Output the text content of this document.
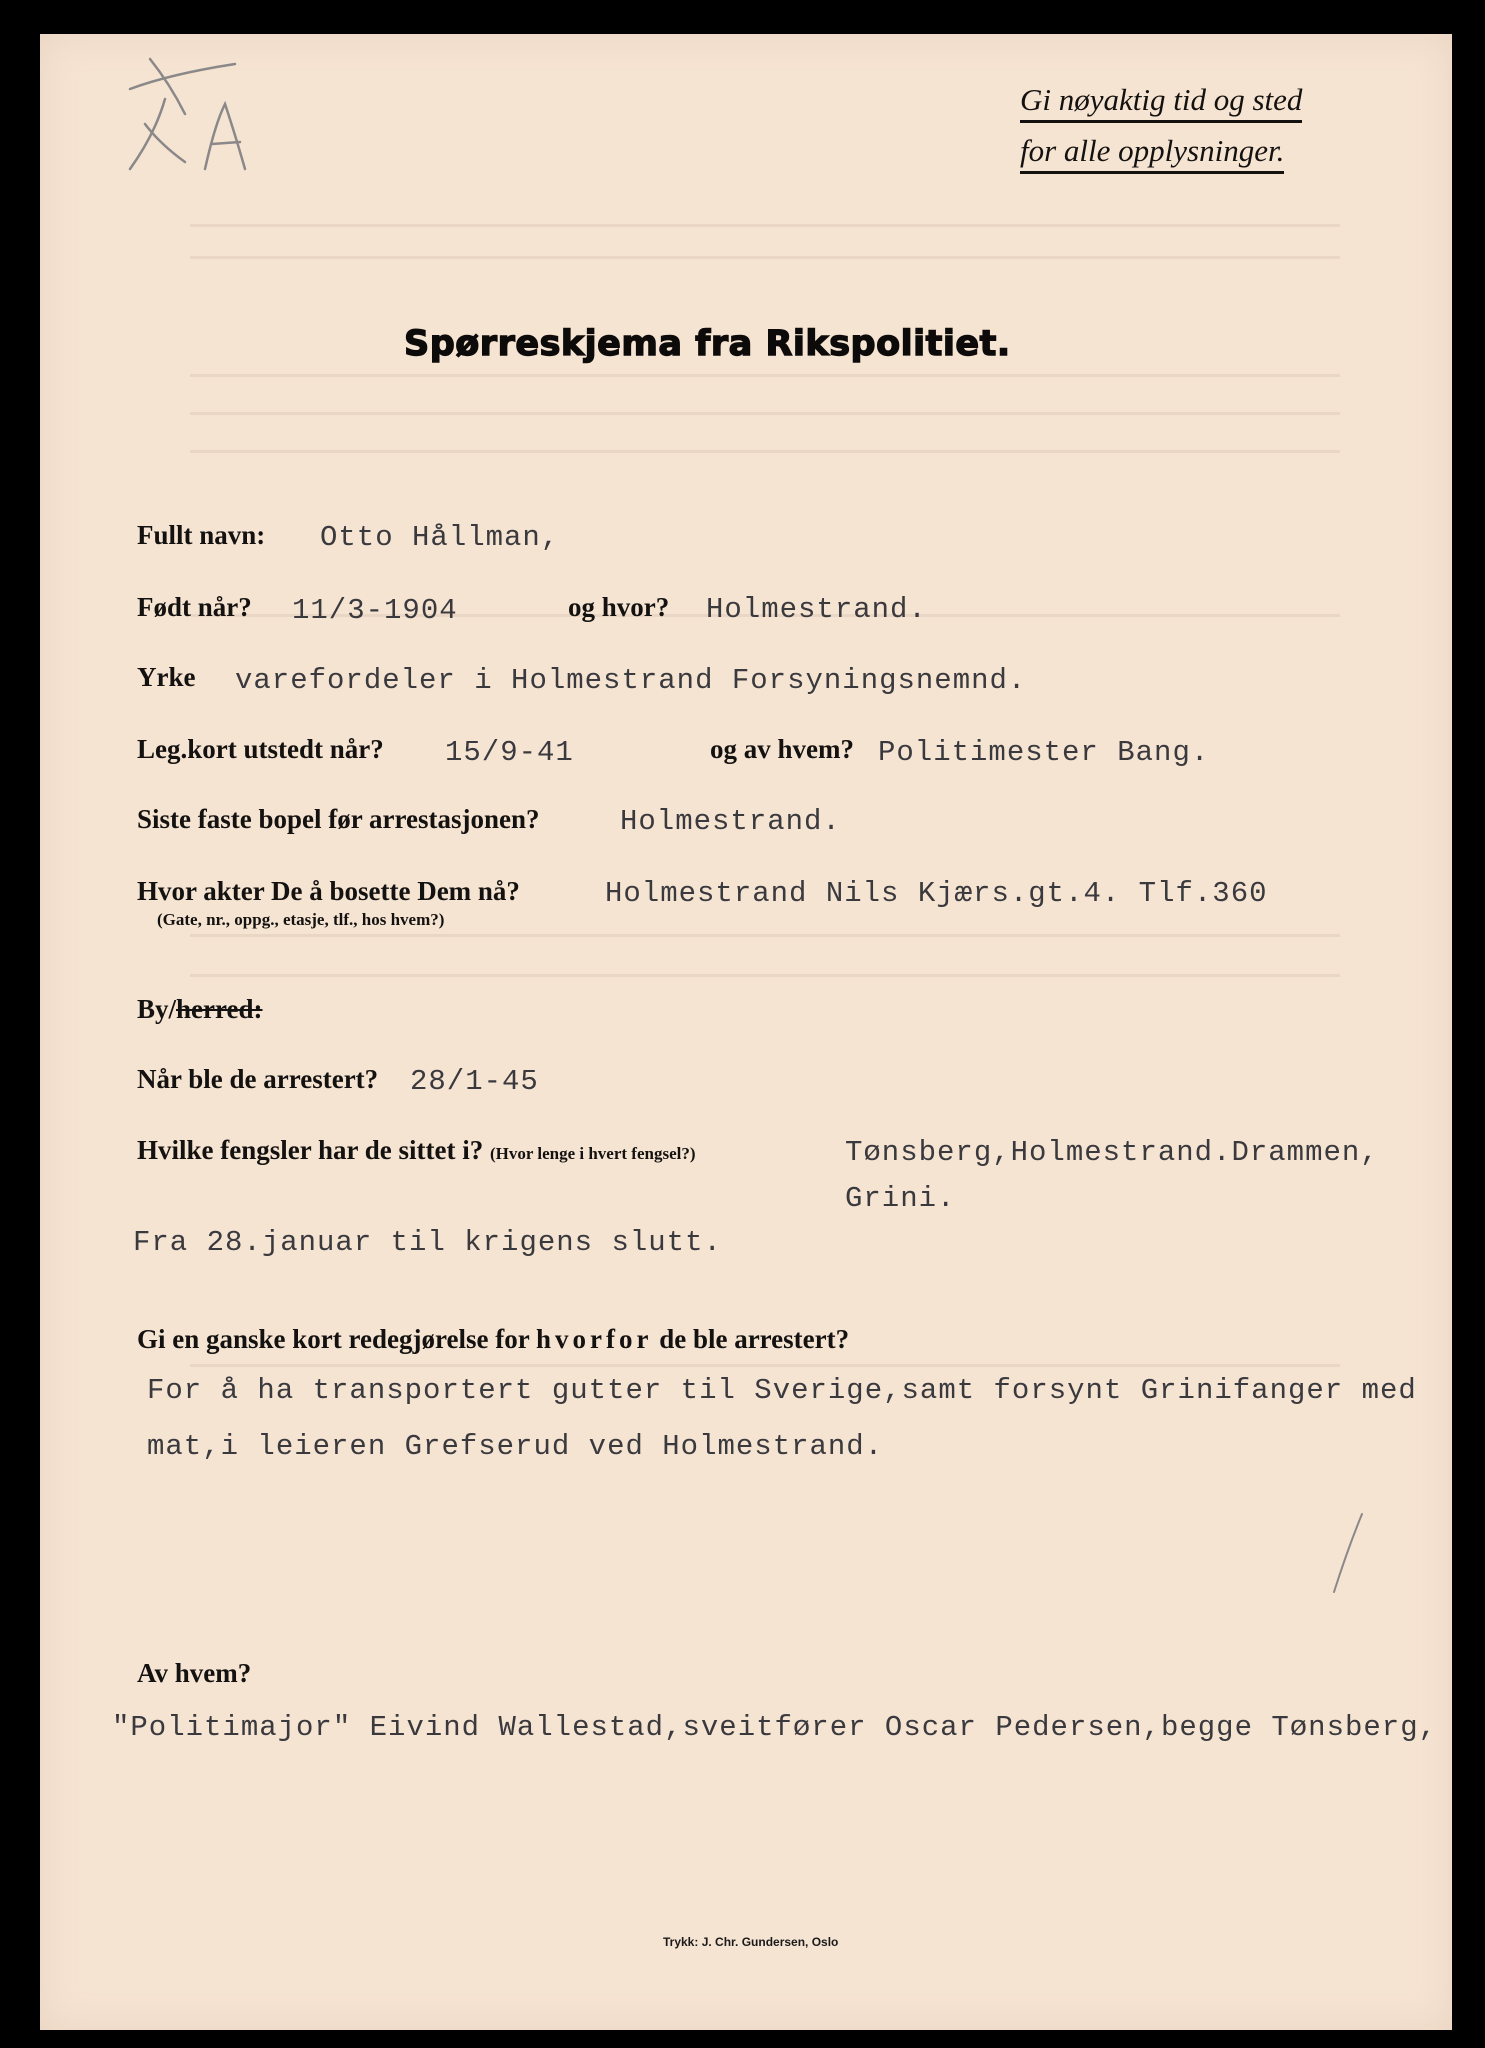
Gi nøyaktig tid og sted
for alle opplysninger.
Spørreskjema fra Rikspolitiet.
Fullt navn: Otto Hållman,
Født når? 11/3-1904	og hvor? Holmestrand.
Yrke varefordeler i Holmestrand Forsyningsnemnd.
Leg.kort utstedt når? 15/9-41	og av hvem? Politimester Bang.
Siste faste bopel før arrestasjonen?	Holmestrand.
Hvor akter De å bosette Dem nå?
(Gate, nr., oppg., etasje, tlf., hos hvem?)
Holmestrand Nils Kjærs.gt.4. Tlf.360
By/herred:
Når ble de arrestert? 28/1-45
Hvilke fengsler har de sittet i? (Hvor lenge i hvert fengsel?)	Tønsberg,Holmestrand.Drammen,
Grini.
Fra 28.januar til krigens slutt.
Gi en ganske kort redegjørelse for hvorfor de ble arrestert?
For å ha transportert gutter til Sverige,samt forsynt Grinifanger med
mat,i leieren Grefserud ved Holmestrand.
Av hvem?
"Politimajor" Eivind Wallestad,sveitfører Oscar Pedersen,begge Tønsberg,
Trykk: J. Chr. Gundersen, Oslo
